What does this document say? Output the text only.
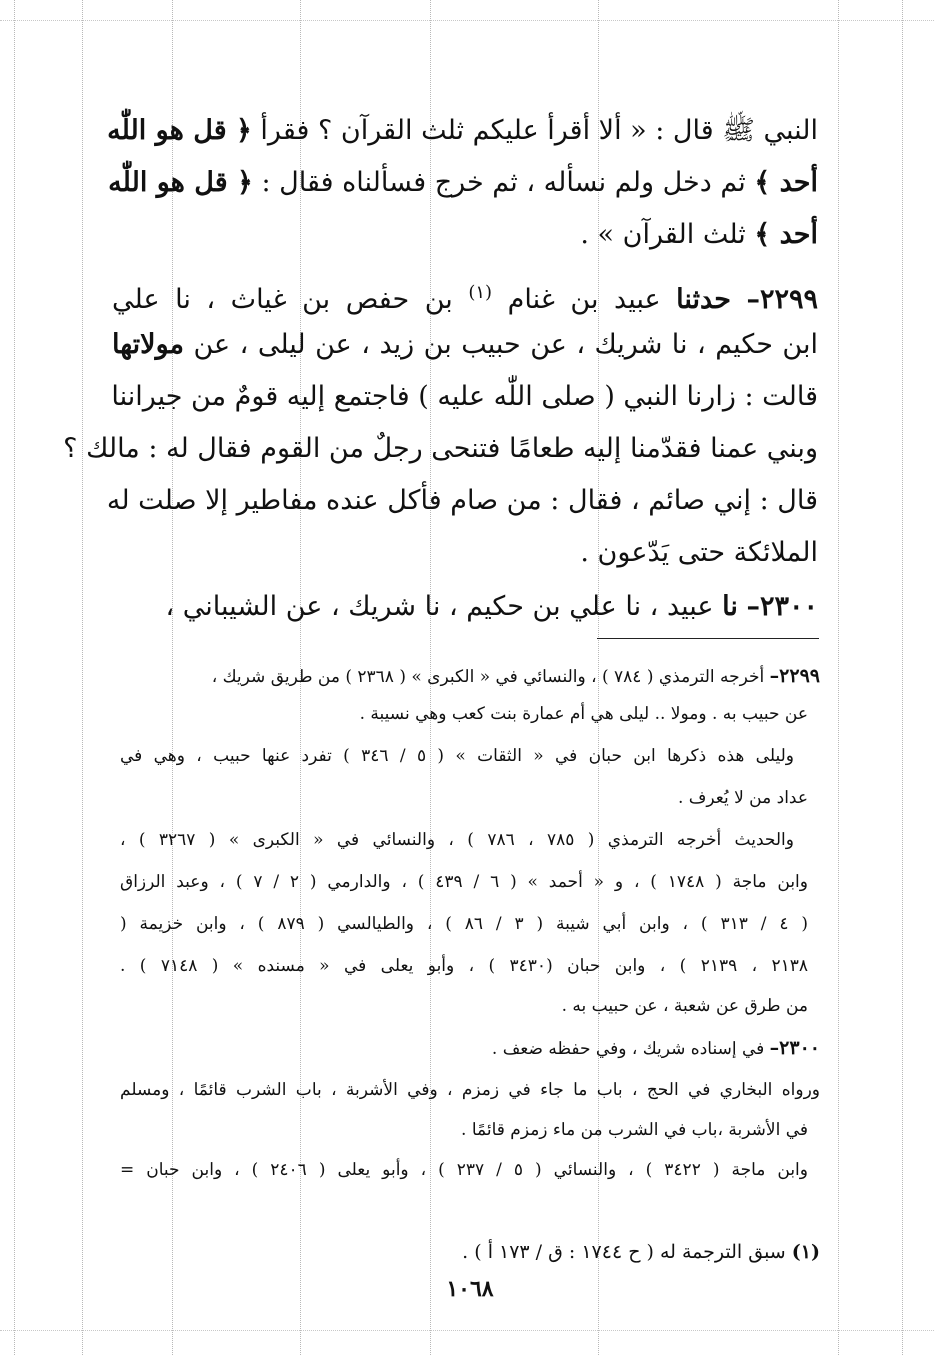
النبي ﷺ قال : « ألا أقرأ عليكم ثلث القرآن ؟ فقرأ ﴿ قل هو اللّٰه
أحد ﴾ ثم دخل ولم نسأله ، ثم خرج فسألناه فقال : ﴿ قل هو اللّٰه
أحد ﴾ ثلث القرآن » .
٢٢٩٩– حدثنا عبيد بن غنام $^{(١)}$ بن حفص بن غياث ، نا علي
ابن حكيم ، نا شريك ، عن حبيب بن زيد ، عن ليلى ، عن مولاتها
قالت : زارنا النبي ( صلى اللّٰه عليه ) فاجتمع إليه قومٌ من جيراننا
وبني عمنا فقدّمنا إليه طعامًا فتنحى رجلٌ من القوم فقال له : مالك ؟
قال : إني صائم ، فقال : من صام فأكل عنده مفاطير إلا صلت له
الملائكة حتى يَدّعون .
٢٣٠٠– نا عبيد ، نا علي بن حكيم ، نا شريك ، عن الشيباني ،
٢٢٩٩– أخرجه الترمذي ( ٧٨٤ ) ، والنسائي في « الكبرى » ( ٢٣٦٨ ) من طريق شريك ،
عن حبيب به . ومولا .. ليلى هي أم عمارة بنت كعب وهي نسيبة .
وليلى هذه ذكرها ابن حبان في « الثقات » ( ٥ / ٣٤٦ ) تفرد عنها حبيب ، وهي في
عداد من لا يُعرف .
والحديث أخرجه الترمذي ( ٧٨٥ ، ٧٨٦ ) ، والنسائي في « الكبرى » ( ٣٢٦٧ ) ،
وابن ماجة ( ١٧٤٨ ) ، و « أحمد » ( ٦ / ٤٣٩ ) ، والدارمي ( ٢ / ٧ ) ، وعبد الرزاق
( ٤ / ٣١٣ ) ، وابن أبي شيبة ( ٣ / ٨٦ ) ، والطيالسي ( ٨٧٩ ) ، وابن خزيمة (
٢١٣٨ ، ٢١٣٩ ) ، وابن حبان (٣٤٣٠ ) ، وأبو يعلى في « مسنده » ( ٧١٤٨ ) .
من طرق عن شعبة ، عن حبيب به .
٢٣٠٠– في إسناده شريك ، وفي حفظه ضعف .
ورواه البخاري في الحج ، باب ما جاء في زمزم ، وفي الأشربة ، باب الشرب قائمًا ، ومسلم
في الأشربة ،باب في الشرب من ماء زمزم قائمًا .
وابن ماجة ( ٣٤٢٢ ) ، والنسائي ( ٥ / ٢٣٧ ) ، وأبو يعلى ( ٢٤٠٦ ) ، وابن حبان =
(١) سبق الترجمة له ( ح ١٧٤٤ : ق / ١٧٣ أ ) .
١٠٦٨
